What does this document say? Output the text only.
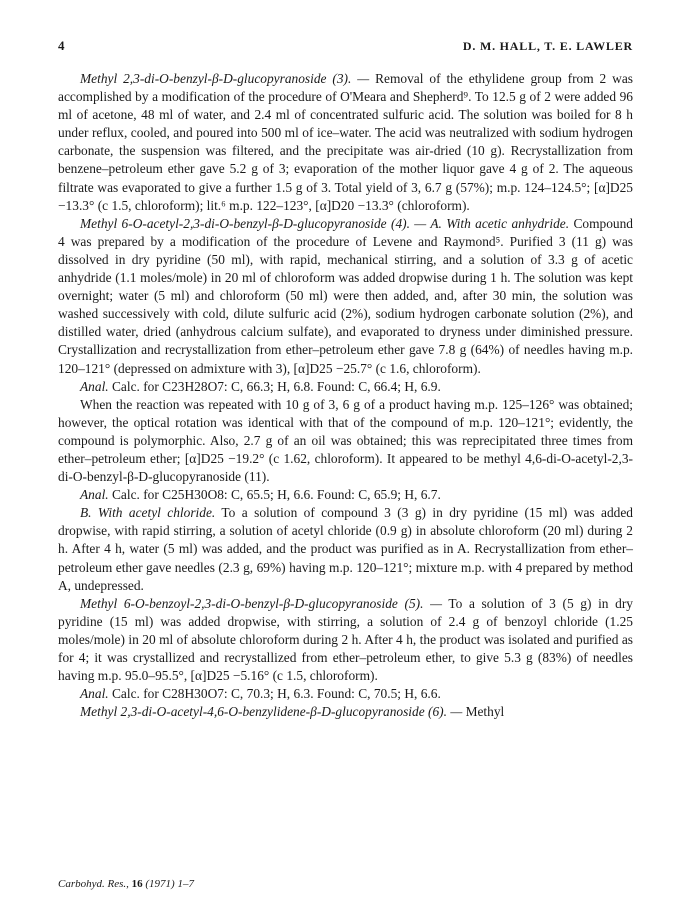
4	D. M. HALL, T. E. LAWLER

Methyl 2,3-di-O-benzyl-β-D-glucopyranoside (3). — Removal of the ethylidene group from 2 was accomplished by a modification of the procedure of O'Meara and Shepherd⁹. To 12.5 g of 2 were added 96 ml of acetone, 48 ml of water, and 2.4 ml of concentrated sulfuric acid. The solution was boiled for 8 h under reflux, cooled, and poured into 500 ml of ice–water. The acid was neutralized with sodium hydrogen carbonate, the suspension was filtered, and the precipitate was air-dried (10 g). Recrystallization from benzene–petroleum ether gave 5.2 g of 3; evaporation of the mother liquor gave 4 g of 2. The aqueous filtrate was evaporated to give a further 1.5 g of 3. Total yield of 3, 6.7 g (57%); m.p. 124–124.5°; [α]D25 −13.3° (c 1.5, chloroform); lit.⁶ m.p. 122–123°, [α]D20 −13.3° (chloroform).

Methyl 6-O-acetyl-2,3-di-O-benzyl-β-D-glucopyranoside (4). — A. With acetic anhydride. Compound 4 was prepared by a modification of the procedure of Levene and Raymond⁵. Purified 3 (11 g) was dissolved in dry pyridine (50 ml), with rapid, mechanical stirring, and a solution of 3.3 g of acetic anhydride (1.1 moles/mole) in 20 ml of chloroform was added dropwise during 1 h. The solution was kept overnight; water (5 ml) and chloroform (50 ml) were then added, and, after 30 min, the solution was washed successively with cold, dilute sulfuric acid (2%), sodium hydrogen carbonate solution (2%), and distilled water, dried (anhydrous calcium sulfate), and evaporated to dryness under diminished pressure. Crystallization and recrystallization from ether–petroleum ether gave 7.8 g (64%) of needles having m.p. 120–121° (depressed on admixture with 3), [α]D25 −25.7° (c 1.6, chloroform).

Anal. Calc. for C23H28O7: C, 66.3; H, 6.8. Found: C, 66.4; H, 6.9.

When the reaction was repeated with 10 g of 3, 6 g of a product having m.p. 125–126° was obtained; however, the optical rotation was identical with that of the compound of m.p. 120–121°; evidently, the compound is polymorphic. Also, 2.7 g of an oil was obtained; this was reprecipitated three times from ether–petroleum ether; [α]D25 −19.2° (c 1.62, chloroform). It appeared to be methyl 4,6-di-O-acetyl-2,3-di-O-benzyl-β-D-glucopyranoside (11).

Anal. Calc. for C25H30O8: C, 65.5; H, 6.6. Found: C, 65.9; H, 6.7.

B. With acetyl chloride. To a solution of compound 3 (3 g) in dry pyridine (15 ml) was added dropwise, with rapid stirring, a solution of acetyl chloride (0.9 g) in absolute chloroform (20 ml) during 2 h. After 4 h, water (5 ml) was added, and the product was purified as in A. Recrystallization from ether–petroleum ether gave needles (2.3 g, 69%) having m.p. 120–121°; mixture m.p. with 4 prepared by method A, undepressed.

Methyl 6-O-benzoyl-2,3-di-O-benzyl-β-D-glucopyranoside (5). — To a solution of 3 (5 g) in dry pyridine (15 ml) was added dropwise, with stirring, a solution of 2.4 g of benzoyl chloride (1.25 moles/mole) in 20 ml of absolute chloroform during 2 h. After 4 h, the product was isolated and purified as for 4; it was crystallized and recrystallized from ether–petroleum ether, to give 5.3 g (83%) of needles having m.p. 95.0–95.5°, [α]D25 −5.16° (c 1.5, chloroform).

Anal. Calc. for C28H30O7: C, 70.3; H, 6.3. Found: C, 70.5; H, 6.6.

Methyl 2,3-di-O-acetyl-4,6-O-benzylidene-β-D-glucopyranoside (6). — Methyl

Carbohyd. Res., 16 (1971) 1–7
